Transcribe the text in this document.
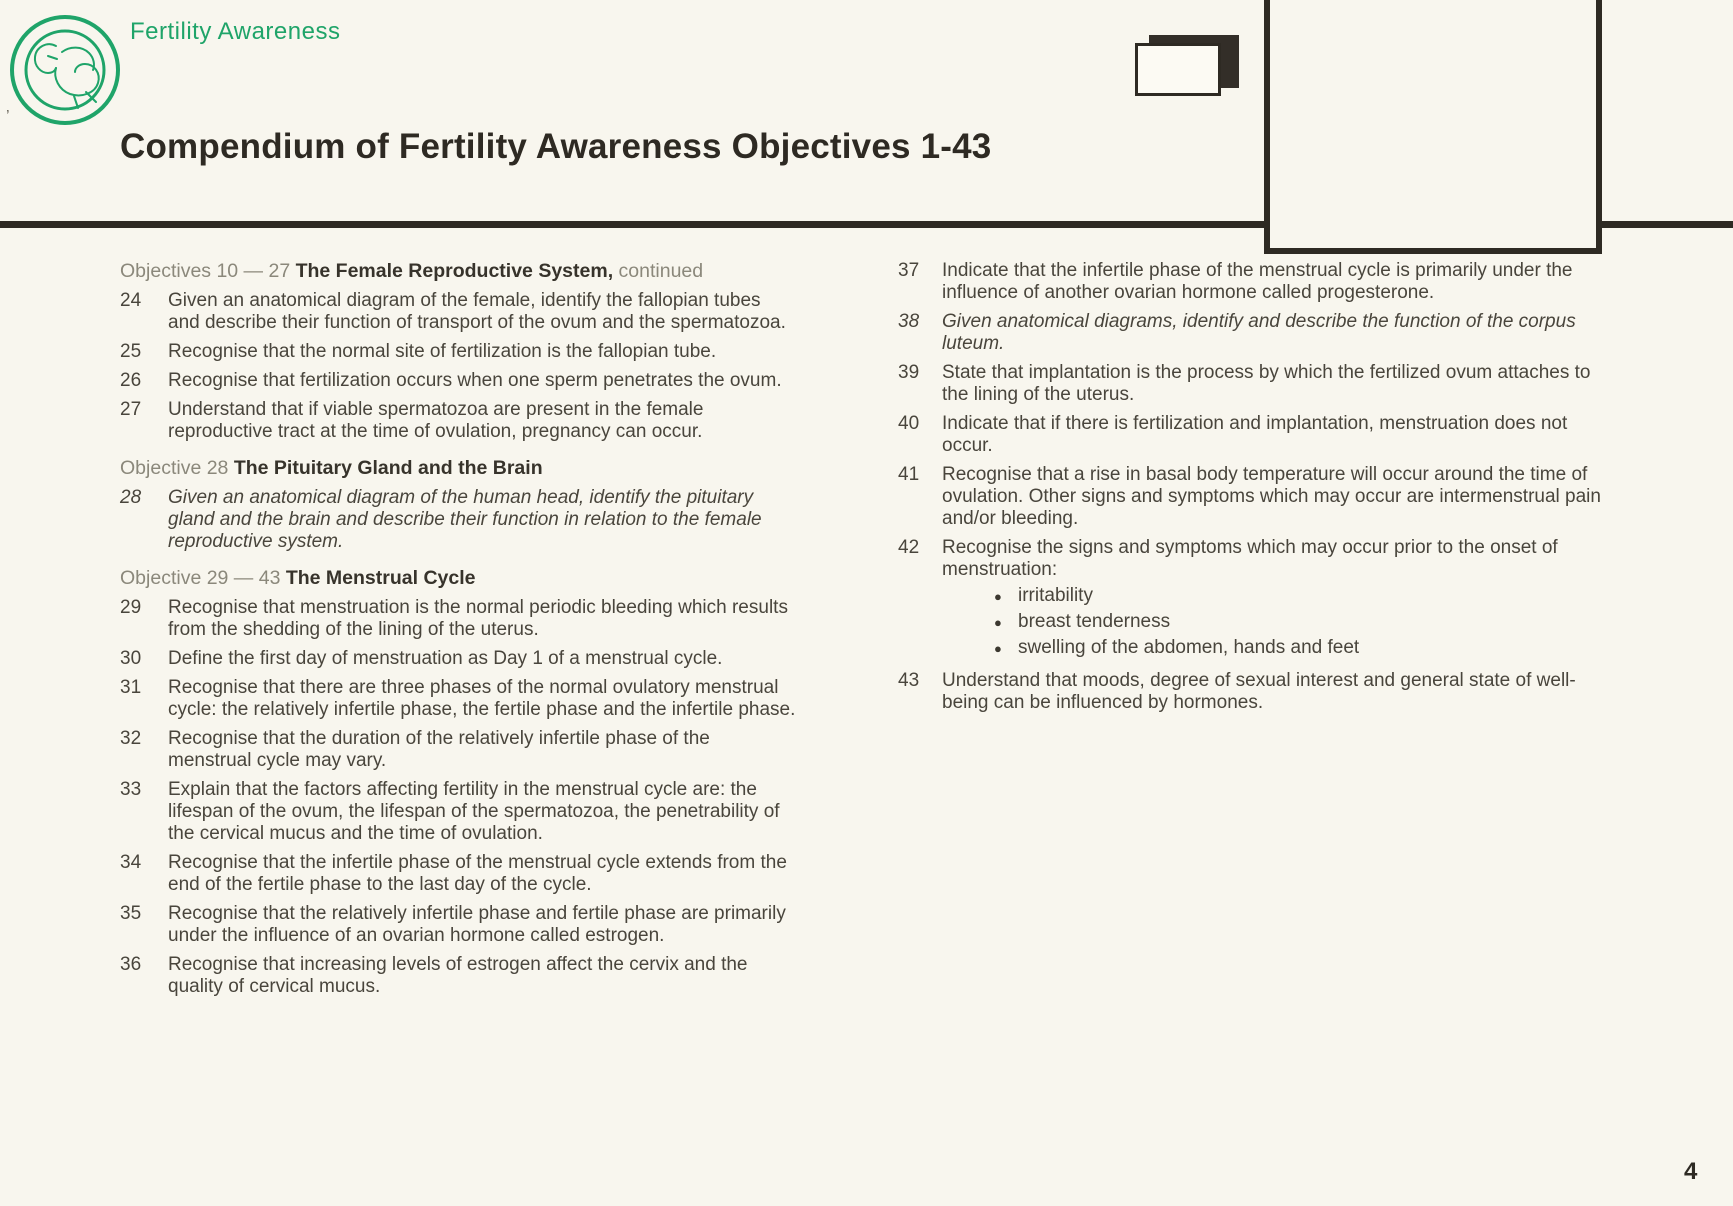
Fertility Awareness
Compendium of Fertility Awareness Objectives 1-43
’
Objectives 10 — 27 The Female Reproductive System, continued
24	Given an anatomical diagram of the female, identify the fallopian tubes and describe their function of transport of the ovum and the spermatozoa.
25	Recognise that the normal site of fertilization is the fallopian tube.
26	Recognise that fertilization occurs when one sperm penetrates the ovum.
27	Understand that if viable spermatozoa are present in the female reproductive tract at the time of ovulation, pregnancy can occur.
Objective 28 The Pituitary Gland and the Brain
28	Given an anatomical diagram of the human head, identify the pituitary gland and the brain and describe their function in relation to the female reproductive system.
Objective 29 — 43 The Menstrual Cycle
29	Recognise that menstruation is the normal periodic bleeding which results from the shedding of the lining of the uterus.
30	Define the first day of menstruation as Day 1 of a menstrual cycle.
31	Recognise that there are three phases of the normal ovulatory menstrual cycle: the relatively infertile phase, the fertile phase and the infertile phase.
32	Recognise that the duration of the relatively infertile phase of the menstrual cycle may vary.
33	Explain that the factors affecting fertility in the menstrual cycle are: the lifespan of the ovum, the lifespan of the spermatozoa, the penetrability of the cervical mucus and the time of ovulation.
34	Recognise that the infertile phase of the menstrual cycle extends from the end of the fertile phase to the last day of the cycle.
35	Recognise that the relatively infertile phase and fertile phase are primarily under the influence of an ovarian hormone called estrogen.
36	Recognise that increasing levels of estrogen affect the cervix and the quality of cervical mucus.
37	Indicate that the infertile phase of the menstrual cycle is primarily under the influence of another ovarian hormone called progesterone.
38	Given anatomical diagrams, identify and describe the function of the corpus luteum.
39	State that implantation is the process by which the fertilized ovum attaches to the lining of the uterus.
40	Indicate that if there is fertilization and implantation, menstruation does not occur.
41	Recognise that a rise in basal body temperature will occur around the time of ovulation. Other signs and symptoms which may occur are intermenstrual pain and/or bleeding.
42	Recognise the signs and symptoms which may occur prior to the onset of menstruation:
● irritability
● breast tenderness
● swelling of the abdomen, hands and feet
43	Understand that moods, degree of sexual interest and general state of well-being can be influenced by hormones.
4
